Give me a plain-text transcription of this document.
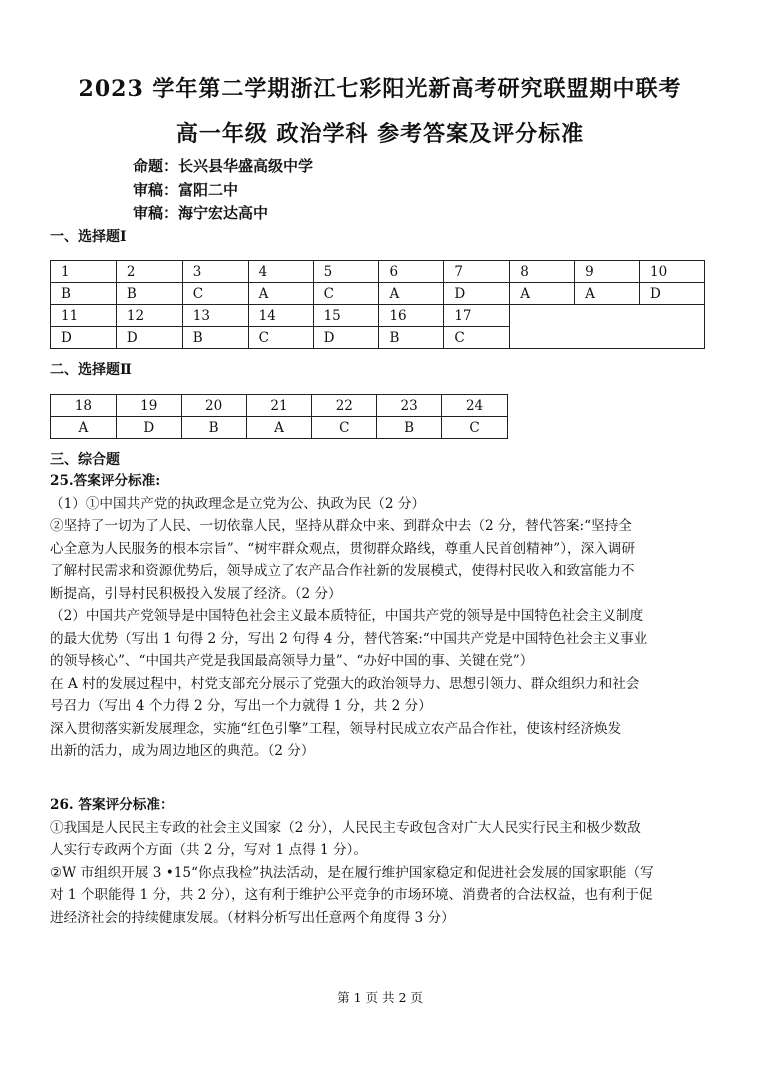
2023 学年第二学期浙江七彩阳光新高考研究联盟期中联考
高一年级 政治学科 参考答案及评分标准
命题：长兴县华盛高级中学
审稿：富阳二中
审稿：海宁宏达高中
一、选择题Ⅰ
1	2	3	4	5	6	7	8	9	10
B	B	C	A	C	A	D	A	A	D
11	12	13	14	15	16	17			
D	D	B	C	D	B	C			
二、选择题Ⅱ
18	19	20	21	22	23	24
A	D	B	A	C	B	C
三、综合题

25.答案评分标准:

（1）①中国共产党的执政理念是立党为公、执政为民（2 分）

②坚持了一切为了人民、一切依靠人民，坚持从群众中来、到群众中去（2 分，替代答案:“坚持全

心全意为人民服务的根本宗旨”、“树牢群众观点，贯彻群众路线，尊重人民首创精神”），深入调研

了解村民需求和资源优势后，领导成立了农产品合作社新的发展模式，使得村民收入和致富能力不

断提高，引导村民积极投入发展了经济。（2 分）

（2）中国共产党领导是中国特色社会主义最本质特征，中国共产党的领导是中国特色社会主义制度

的最大优势（写出 1 句得 2 分，写出 2 句得 4 分，替代答案:“中国共产党是中国特色社会主义事业

的领导核心”、“中国共产党是我国最高领导力量”、“办好中国的事、关键在党”）

在 A 村的发展过程中，村党支部充分展示了党强大的政治领导力、思想引领力、群众组织力和社会

号召力（写出 4 个力得 2 分，写出一个力就得 1 分，共 2 分）

深入贯彻落实新发展理念，实施“红色引擎”工程，领导村民成立农产品合作社，使该村经济焕发

出新的活力，成为周边地区的典范。（2 分）

26. 答案评分标准：

①我国是人民民主专政的社会主义国家（2 分），人民民主专政包含对广大人民实行民主和极少数敌

人实行专政两个方面（共 2 分，写对 1 点得 1 分）。

②W 市组织开展 3 •15“你点我检”执法活动，是在履行维护国家稳定和促进社会发展的国家职能（写

对 1 个职能得 1 分，共 2 分），这有利于维护公平竞争的市场环境、消费者的合法权益，也有利于促

进经济社会的持续健康发展。（材料分析写出任意两个角度得 3 分）

第 1 页 共 2 页
